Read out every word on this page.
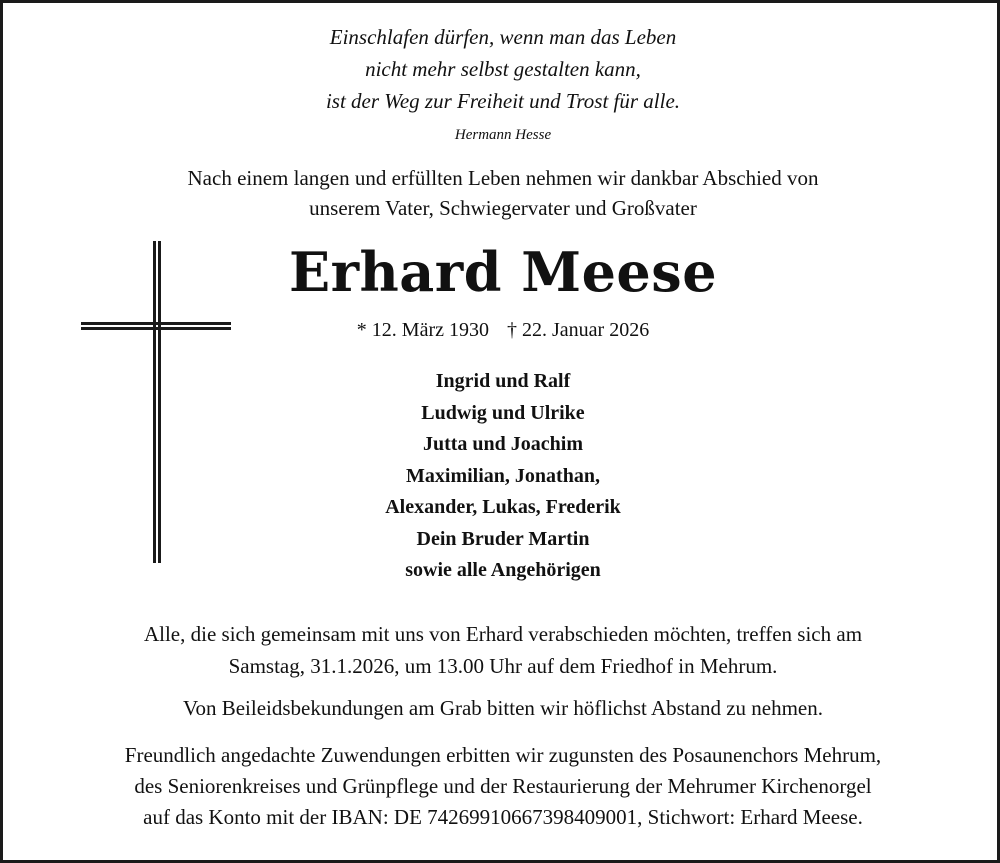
Einschlafen dürfen, wenn man das Leben
nicht mehr selbst gestalten kann,
ist der Weg zur Freiheit und Trost für alle.
Hermann Hesse
Nach einem langen und erfüllten Leben nehmen wir dankbar Abschied von
unserem Vater, Schwiegervater und Großvater
Erhard Meese
* 12. März 1930 † 22. Januar 2026
Ingrid und Ralf
Ludwig und Ulrike
Jutta und Joachim
Maximilian, Jonathan,
Alexander, Lukas, Frederik
Dein Bruder Martin
sowie alle Angehörigen
Alle, die sich gemeinsam mit uns von Erhard verabschieden möchten, treffen sich am
Samstag, 31.1.2026, um 13.00 Uhr auf dem Friedhof in Mehrum.
Von Beileidsbekundungen am Grab bitten wir höflichst Abstand zu nehmen.
Freundlich angedachte Zuwendungen erbitten wir zugunsten des Posaunenchors Mehrum,
des Seniorenkreises und Grünpflege und der Restaurierung der Mehrumer Kirchenorgel
auf das Konto mit der IBAN: DE 74269910667398409001, Stichwort: Erhard Meese.
